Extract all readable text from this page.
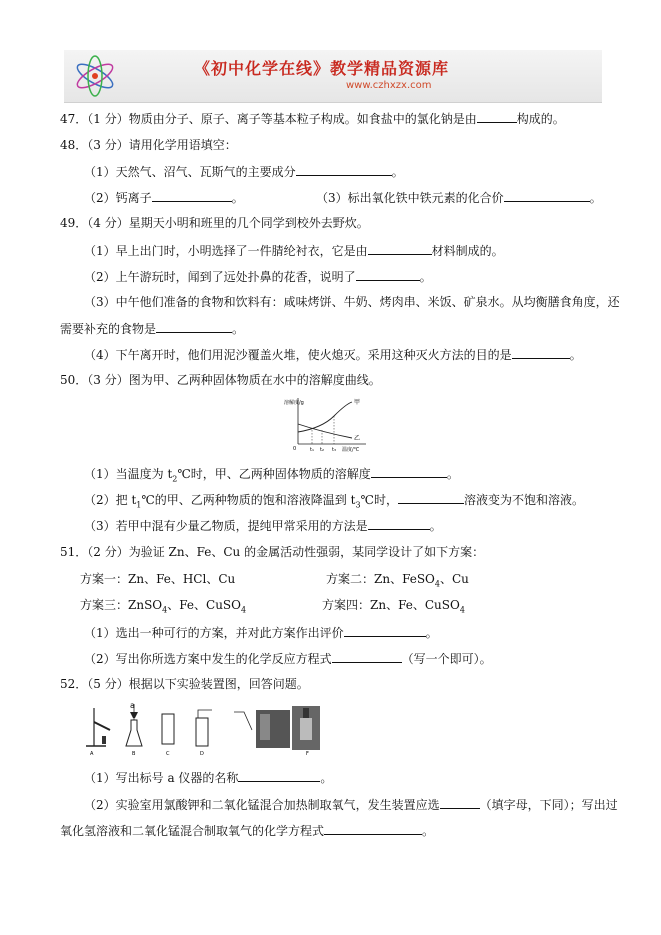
《初中化学在线》教学精品资源库
www.czhxzx.com
47．（1 分）物质由分子、原子、离子等基本粒子构成。如食盐中的氯化钠是由	构成的。
48．（3 分）请用化学用语填空：
（1）天然气、沼气、瓦斯气的主要成分	。
（2）钙离子	。	（3）标出氧化铁中铁元素的化合价	。
49．（4 分）星期天小明和班里的几个同学到校外去野炊。
（1）早上出门时，小明选择了一件腈纶衬衣，它是由	材料制成的。
（2）上午游玩时，闻到了远处扑鼻的花香，说明了	。
（3）中午他们准备的食物和饮料有：咸味烤饼、牛奶、烤肉串、米饭、矿泉水。从均衡膳食角度，还
需要补充的食物是	。
（4）下午离开时，他们用泥沙覆盖火堆，使火熄灭。采用这种灭火方法的目的是	。
50．（3 分）图为甲、乙两种固体物质在水中的溶解度曲线。
溶解度/g	甲
乙
0	t₁ t₂ t₃ 温度/℃
（1）当温度为 $t_2℃$时，甲、乙两种固体物质的溶解度	。
（2）把 $t_1℃$的甲、乙两种物质的饱和溶液降温到 $t_3℃$时，	溶液变为不饱和溶液。
（3）若甲中混有少量乙物质，提纯甲常采用的方法是	。
51．（2 分）为验证 Zn、Fe、Cu 的金属活动性强弱，某同学设计了如下方案：
方案一：Zn、Fe、HCl、Cu	方案二：Zn、FeSO$_4$、Cu
方案三：ZnSO$_4$、Fe、CuSO$_4$	方案四：Zn、Fe、CuSO$_4$
（1）选出一种可行的方案，并对此方案作出评价	。
（2）写出你所选方案中发生的化学反应方程式	（写一个即可）。
52．（5 分）根据以下实验装置图，回答问题。
a
A	B	C	D	E	F
（1）写出标号 a 仪器的名称	。
（2）实验室用氯酸钾和二氧化锰混合加热制取氧气，发生装置应选	（填字母，下同）；写出过
氧化氢溶液和二氧化锰混合制取氧气的化学方程式	。
